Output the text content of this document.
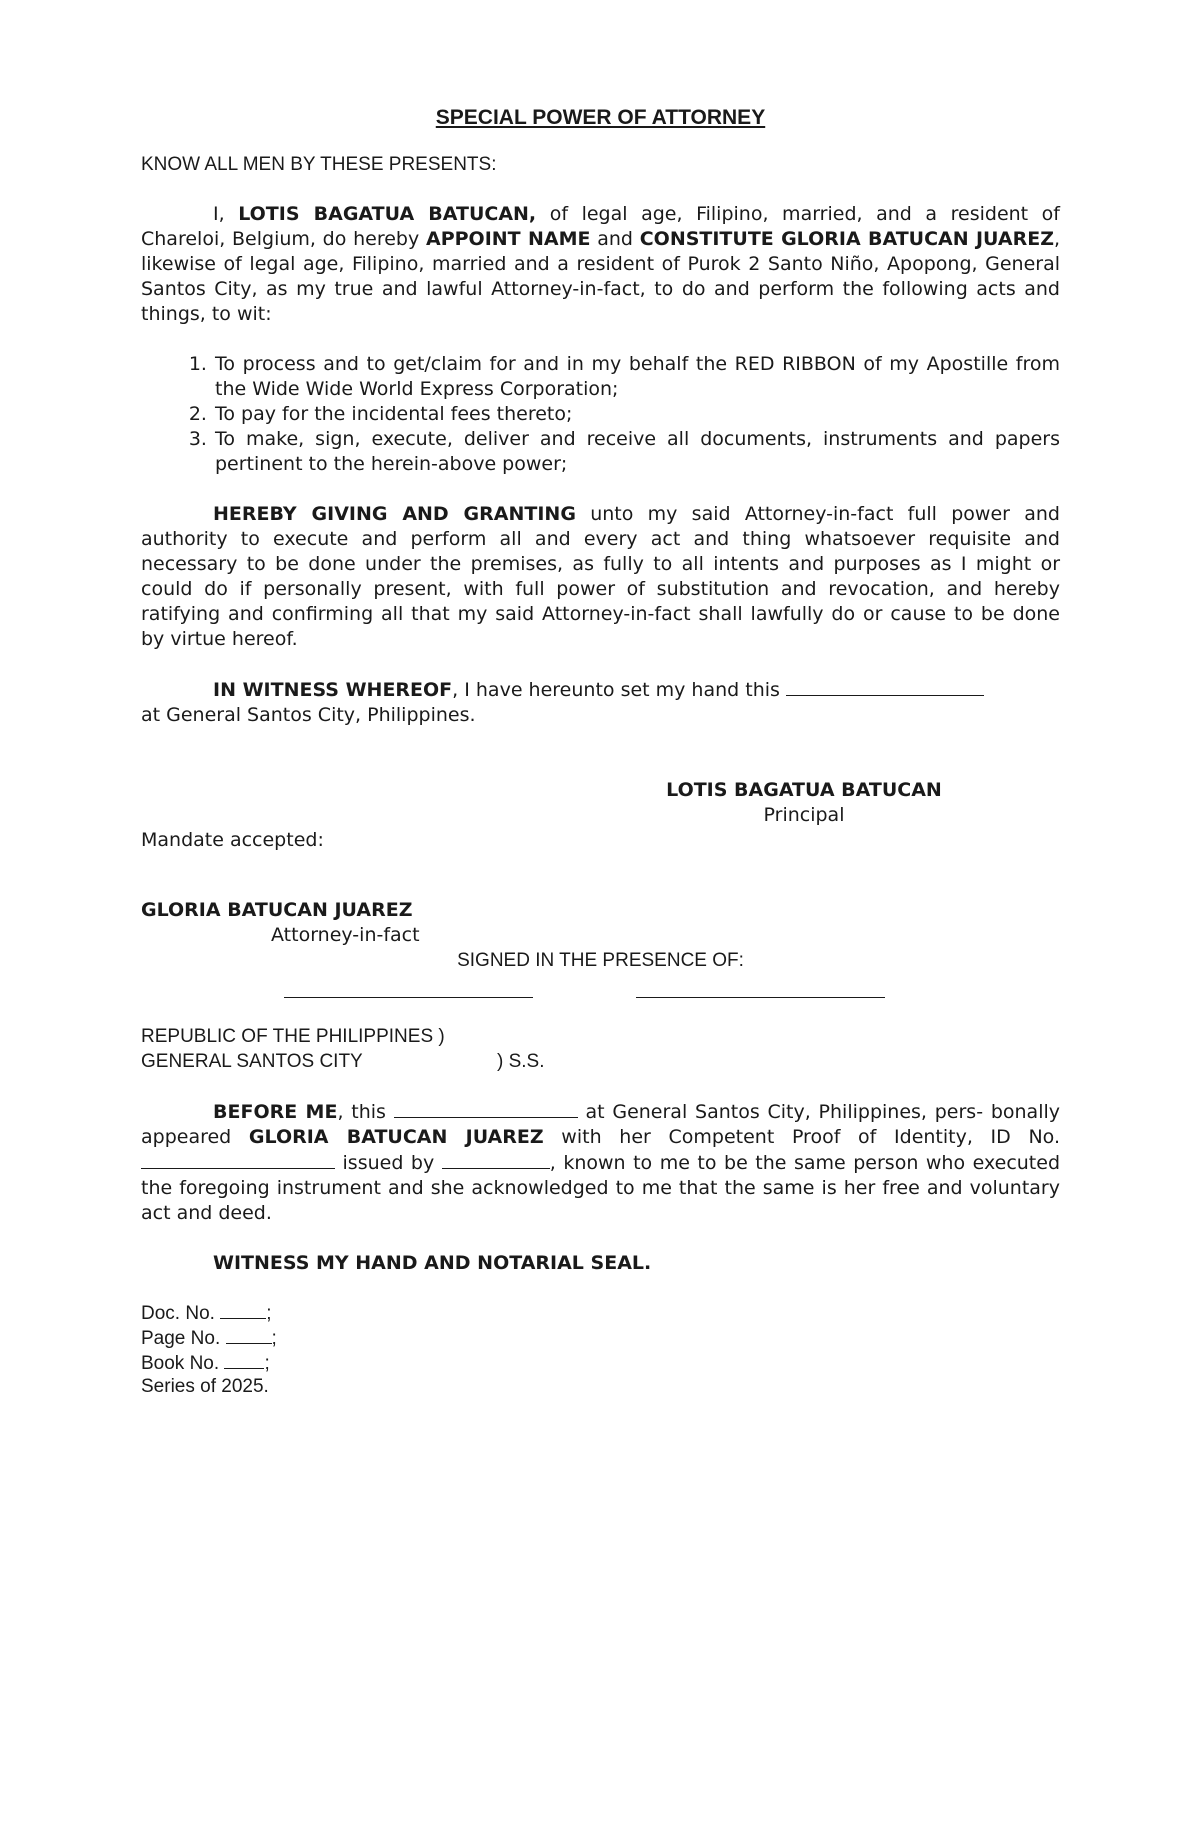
SPECIAL POWER OF ATTORNEY
KNOW ALL MEN BY THESE PRESENTS:

I, LOTIS BAGATUA BATUCAN, of legal age, Filipino, married, and a resident of Chareloi, Belgium, do hereby APPOINT NAME and CONSTITUTE GLORIA BATUCAN JUAREZ, likewise of legal age, Filipino, married and a resident of Purok 2 Santo Niño, Apopong, General Santos City, as my true and lawful Attorney-in-fact, to do and perform the following acts and things, to wit:

1. To process and to get/claim for and in my behalf the RED RIBBON of my Apostille from the Wide Wide World Express Corporation;
2. To pay for the incidental fees thereto;
3. To make, sign, execute, deliver and receive all documents, instruments and papers pertinent to the herein-above power;

HEREBY GIVING AND GRANTING unto my said Attorney-in-fact full power and authority to execute and perform all and every act and thing whatsoever requisite and necessary to be done under the premises, as fully to all intents and purposes as I might or could do if personally present, with full power of substitution and revocation, and hereby ratifying and confirming all that my said Attorney-in-fact shall lawfully do or cause to be done by virtue hereof.

IN WITNESS WHEREOF, I have hereunto set my hand this
at General Santos City, Philippines.

LOTIS BAGATUA BATUCAN
Principal
Mandate accepted:
GLORIA BATUCAN JUAREZ
Attorney-in-fact
SIGNED IN THE PRESENCE OF:
REPUBLIC OF THE PHILIPPINES )
GENERAL SANTOS CITY	) S.S.

BEFORE ME, this	at General Santos City, Philippines, pers- bonally appeared GLORIA BATUCAN JUAREZ with her Competent Proof of Identity, ID No.  issued by	, known to me to be the same person who executed the foregoing instrument and she acknowledged to me that the same is her free and voluntary act and deed.

WITNESS MY HAND AND NOTARIAL SEAL.
Doc. No.	;
Page No.	;
Book No. ;
Series of 2025.
